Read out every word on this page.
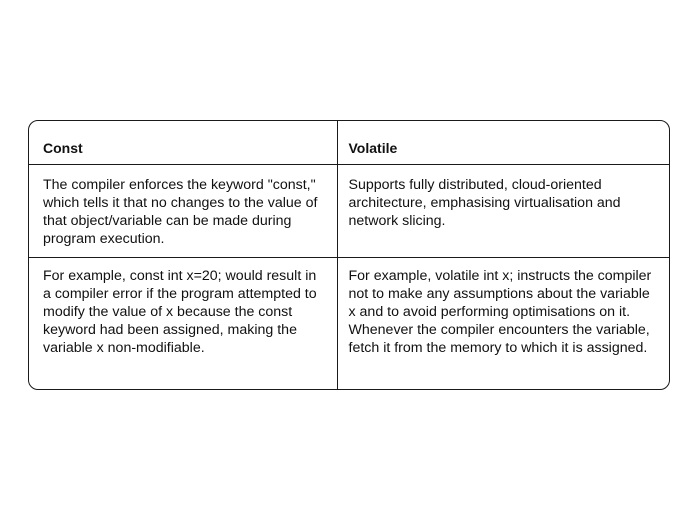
Const	Volatile
The compiler enforces the keyword "const," which tells it that no changes to the value of that object/variable can be made during program execution.	Supports fully distributed, cloud-oriented architecture, emphasising virtualisation and network slicing.
For example, const int x=20; would result in a compiler error if the program attempted to modify the value of x because the const keyword had been assigned, making the variable x non-modifiable.	For example, volatile int x; instructs the compiler not to make any assumptions about the variable x and to avoid performing optimisations on it. Whenever the compiler encounters the variable, fetch it from the memory to which it is assigned.
